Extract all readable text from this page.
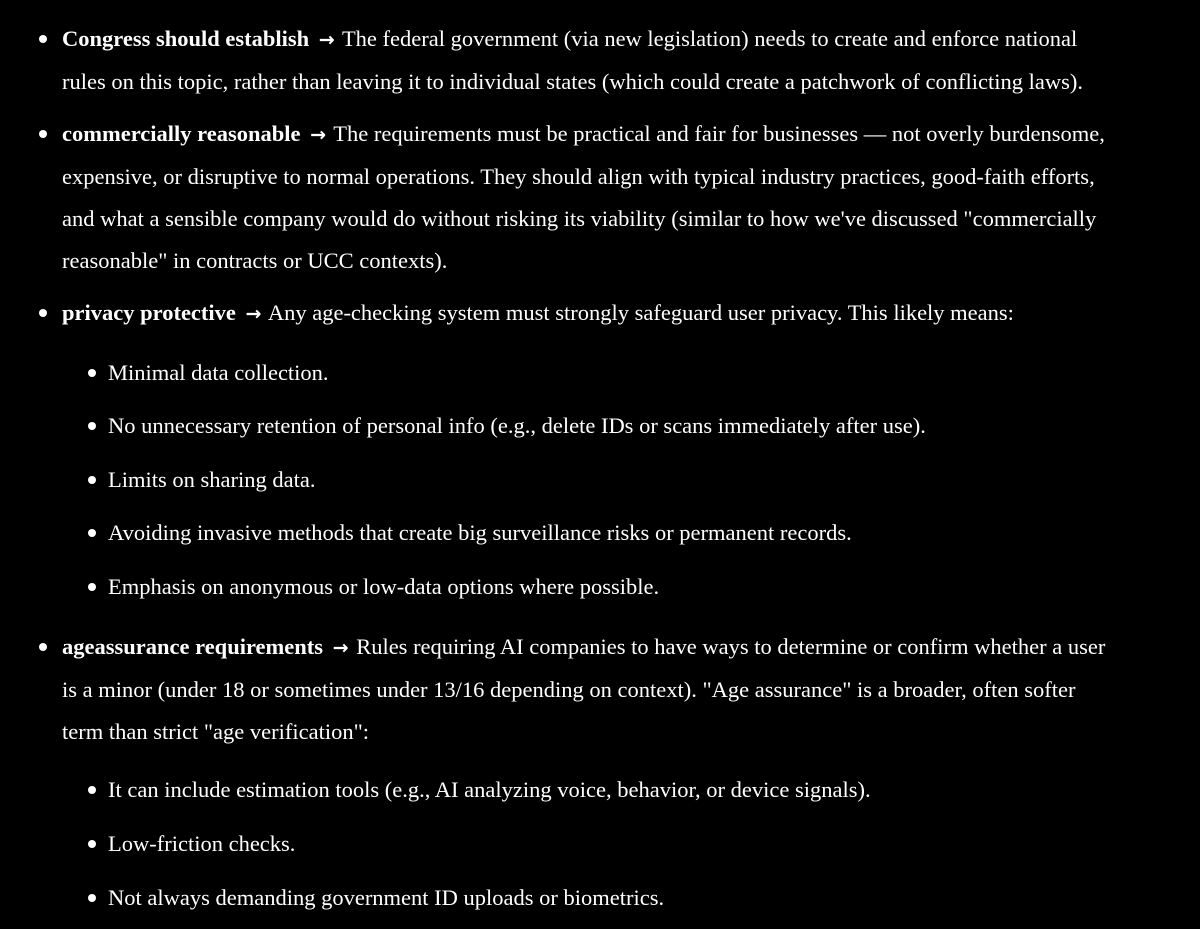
Congress should establish → The federal government (via new legislation) needs to create and enforce national
rules on this topic, rather than leaving it to individual states (which could create a patchwork of conflicting laws).
commercially reasonable → The requirements must be practical and fair for businesses — not overly burdensome,
expensive, or disruptive to normal operations. They should align with typical industry practices, good-faith efforts,
and what a sensible company would do without risking its viability (similar to how we've discussed "commercially
reasonable" in contracts or UCC contexts).
privacy protective → Any age-checking system must strongly safeguard user privacy. This likely means:
Minimal data collection.
No unnecessary retention of personal info (e.g., delete IDs or scans immediately after use).
Limits on sharing data.
Avoiding invasive methods that create big surveillance risks or permanent records.
Emphasis on anonymous or low-data options where possible.
ageassurance requirements → Rules requiring AI companies to have ways to determine or confirm whether a user
is a minor (under 18 or sometimes under 13/16 depending on context). "Age assurance" is a broader, often softer
term than strict "age verification":
It can include estimation tools (e.g., AI analyzing voice, behavior, or device signals).
Low-friction checks.
Not always demanding government ID uploads or biometrics.
